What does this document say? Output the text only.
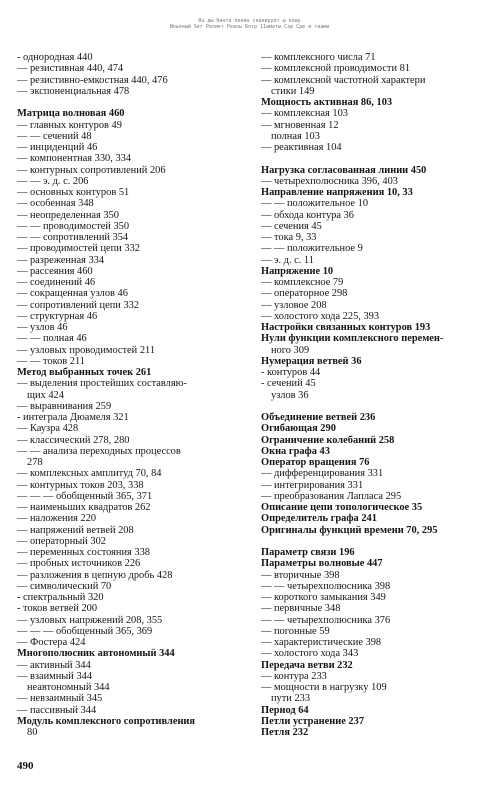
Ru ды бинта ленин сканирует ы кошу
Ильяный Ser Реликт Реаль Ботр 11иметы Сэр Сре и гиами
- однородная 440
— резистивная 440, 474
— резистивно-емкостная 440, 476
— экспоненциальная 478
Матрица волновая 460
— главных контуров 49
— — сечений 48
— инциденций 46
— компонентная 330, 334
— контурных сопротивлений 206
— — э. д. с. 206
— основных контуров 51
— особенная 348
— неопределенная 350
— — проводимостей 350
— — сопротивлений 354
— проводимостей цепи 332
— разреженная 334
— рассеяния 460
— соединений 46
— сокращенная узлов 46
— сопротивлений цепи 332
— структурная 46
— узлов 46
— — полная 46
— узловых проводимостей 211
— — токов 211
Метод выбранных точек 261
— выделения простейших составляю-
щих 424
— выравнивания 259
- интеграла Дюамеля 321
— Каузра 428
— классический 278, 280
— — анализа переходных процессов
278
— комплексных амплитуд 70, 84
— контурных токов 203, 338
— — — обобщенный 365, 371
— наименьших квадратов 262
— наложения 220
— напряжений ветвей 208
— операторный 302
— переменных состояния 338
— пробных источников 226
— разложения в цепную дробь 428
— символический 70
- спектральный 320
- токов ветвей 200
— узловых напряжений 208, 355
— — — обобщенный 365, 369
— Фостера 424
Многополюсник автономный 344
— активный 344
— взаимный 344
неавтономный 344
— невзаимный 345
— пассивный 344
Модуль комплексного сопротивления
80
— комплексного числа 71
— комплексной проводимости 81
— комплексной частотной характери
стики 149
Мощность активная 86, 103
— комплексная 103
— мгновенная 12
полная 103
— реактивная 104
Нагрузка согласованная линии 450
— четырехполюсника 396, 403
Направление напряжения 10, 33
— — положительное 10
— обхода контура 36
— сечения 45
— тока 9, 33
— — положительное 9
— э. д. с. 11
Напряжение 10
— комплексное 79
— операторное 298
— узловое 208
— холостого хода 225, 393
Настройки связанных контуров 193
Нули функции комплексного перемен-
ного 309
Нумерация ветвей 36
- контуров 44
- сечений 45
узлов 36
Объединение ветвей 236
Огибающая 290
Ограничение колебаний 258
Окна графа 43
Оператор вращения 76
— дифференцирования 331
— интегрирования 331
— преобразования Лапласа 295
Описание цепи топологическое 35
Определитель графа 241
Оригиналы функций времени 70, 295
Параметр связи 196
Параметры волновые 447
— вторичные 398
— — четырехполюсника 398
— короткого замыкания 349
— первичные 348
— — четырехполюсника 376
— погонные 59
— характеристические 398
— холостого хода 343
Передача ветви 232
— контура 233
— мощности в нагрузку 109
пути 233
Период 64
Петли устранение 237
Петля 232
490
